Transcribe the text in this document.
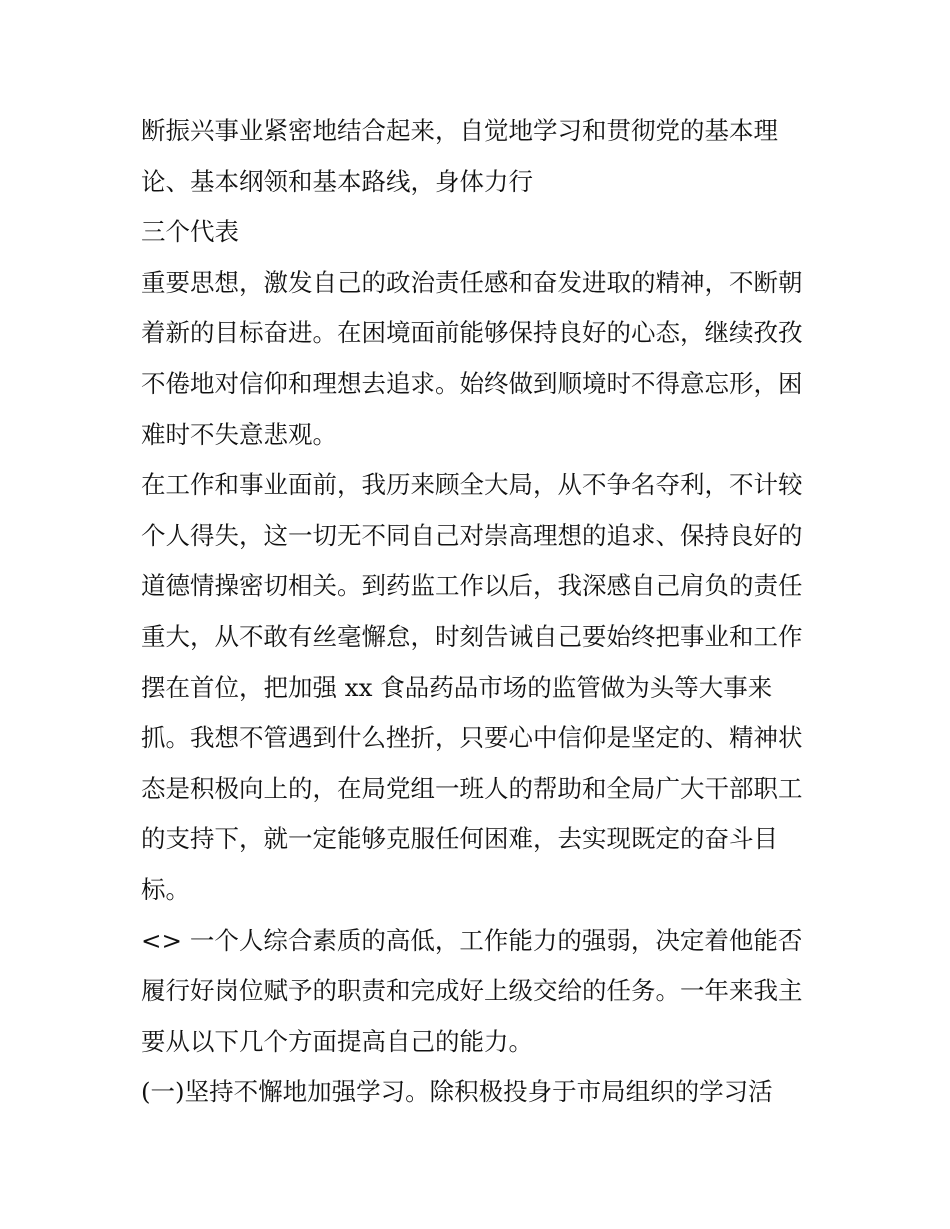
断振兴事业紧密地结合起来，自觉地学习和贯彻党的基本理
论、基本纲领和基本路线，身体力行
三个代表
重要思想，激发自己的政治责任感和奋发进取的精神，不断朝
着新的目标奋进。在困境面前能够保持良好的心态，继续孜孜
不倦地对信仰和理想去追求。始终做到顺境时不得意忘形，困
难时不失意悲观。
在工作和事业面前，我历来顾全大局，从不争名夺利，不计较
个人得失，这一切无不同自己对崇高理想的追求、保持良好的
道德情操密切相关。到药监工作以后，我深感自己肩负的责任
重大，从不敢有丝毫懈怠，时刻告诫自己要始终把事业和工作
摆在首位，把加强 xx 食品药品市场的监管做为头等大事来
抓。我想不管遇到什么挫折，只要心中信仰是坚定的、精神状
态是积极向上的，在局党组一班人的帮助和全局广大干部职工
的支持下，就一定能够克服任何困难，去实现既定的奋斗目
标。
<> 一个人综合素质的高低，工作能力的强弱，决定着他能否
履行好岗位赋予的职责和完成好上级交给的任务。一年来我主
要从以下几个方面提高自己的能力。
(一)坚持不懈地加强学习。除积极投身于市局组织的学习活
